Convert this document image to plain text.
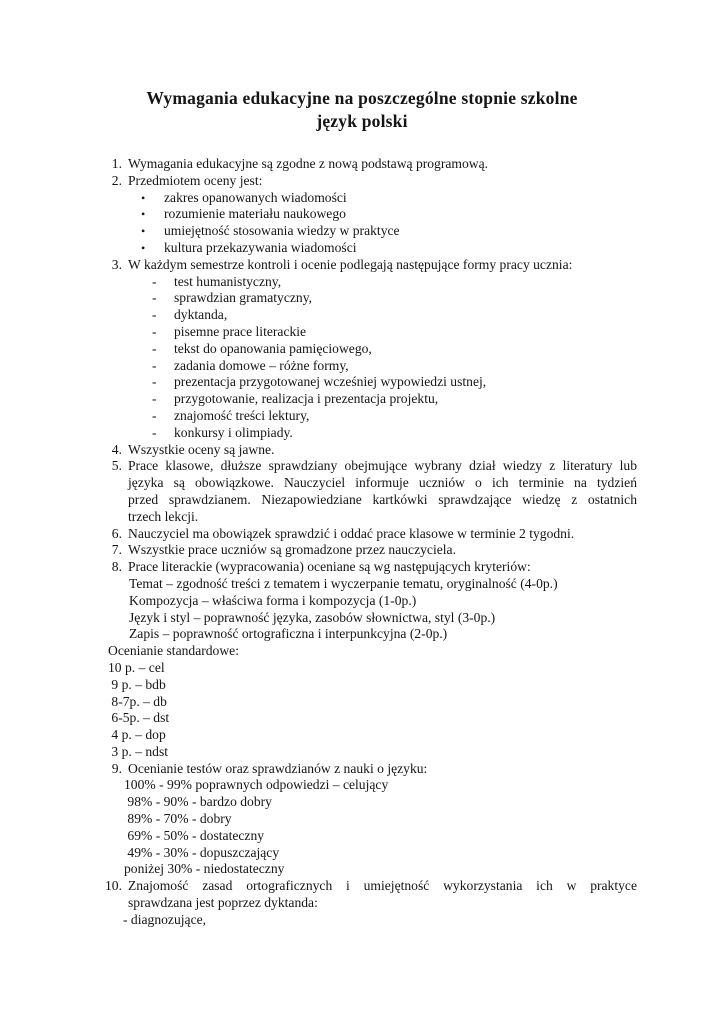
Wymagania edukacyjne na poszczególne stopnie szkolne
język polski
1. Wymagania edukacyjne są zgodne z nową podstawą programową.
2. Przedmiotem oceny jest:
•	zakres opanowanych wiadomości
•	rozumienie materiału naukowego
•	umiejętność stosowania wiedzy w praktyce
•	kultura przekazywania wiadomości
3. W każdym semestrze kontroli i ocenie podlegają następujące formy pracy ucznia:
-	test humanistyczny,
-	sprawdzian gramatyczny,
-	dyktanda,
-	pisemne prace literackie
-	tekst do opanowania pamięciowego,
-	zadania domowe – różne formy,
-	prezentacja przygotowanej wcześniej wypowiedzi ustnej,
-	przygotowanie, realizacja i prezentacja projektu,
-	znajomość treści lektury,
-	konkursy i olimpiady.
4. Wszystkie oceny są jawne.
5. Prace klasowe, dłuższe sprawdziany obejmujące wybrany dział wiedzy z literatury lub
języka są obowiązkowe. Nauczyciel informuje uczniów o ich terminie na tydzień
przed sprawdzianem. Niezapowiedziane kartkówki sprawdzające wiedzę z ostatnich
trzech lekcji.
6. Nauczyciel ma obowiązek sprawdzić i oddać prace klasowe w terminie 2 tygodni.
7. Wszystkie prace uczniów są gromadzone przez nauczyciela.
8. Prace literackie (wypracowania) oceniane są wg następujących kryteriów:
Temat – zgodność treści z tematem i wyczerpanie tematu, oryginalność (4-0p.)
Kompozycja – właściwa forma i kompozycja (1-0p.)
Język i styl – poprawność języka, zasobów słownictwa, styl (3-0p.)
Zapis – poprawność ortograficzna i interpunkcyjna (2-0p.)
Ocenianie standardowe:
10 p. – cel
9 p. – bdb
8-7p. – db
6-5p. – dst
4 p. – dop
3 p. – ndst
9. Ocenianie testów oraz sprawdzianów z nauki o języku:
100% - 99% poprawnych odpowiedzi – celujący
98% - 90% - bardzo dobry
89% - 70% - dobry
69% - 50% - dostateczny
49% - 30% - dopuszczający
poniżej 30% - niedostateczny
10. Znajomość zasad ortograficznych i umiejętność wykorzystania ich w praktyce
sprawdzana jest poprzez dyktanda:
- diagnozujące,
